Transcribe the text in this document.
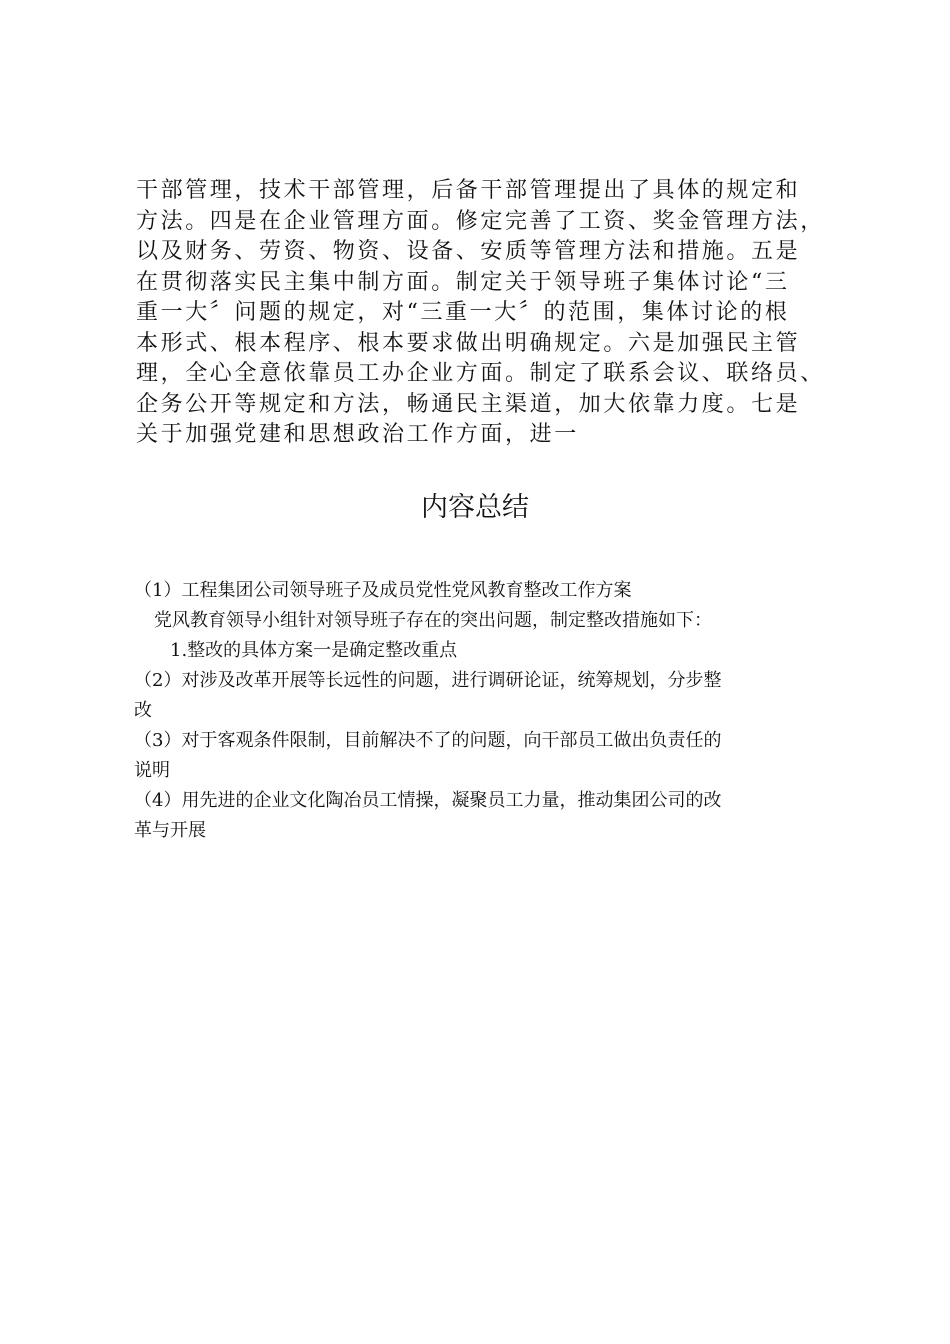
干部管理，技术干部管理，后备干部管理提出了具体的规定和
方法。四是在企业管理方面。修定完善了工资、奖金管理方法，
以及财务、劳资、物资、设备、安质等管理方法和措施。五是
在贯彻落实民主集中制方面。制定关于领导班子集体讨论“三
重一大〞问题的规定，对“三重一大〞的范围，集体讨论的根
本形式、根本程序、根本要求做出明确规定。六是加强民主管
理，全心全意依靠员工办企业方面。制定了联系会议、联络员、
企务公开等规定和方法，畅通民主渠道，加大依靠力度。七是
关于加强党建和思想政治工作方面，进一
内容总结
（1）工程集团公司领导班子及成员党性党风教育整改工作方案
党风教育领导小组针对领导班子存在的突出问题，制定整改措施如下：
1.整改的具体方案一是确定整改重点
（2）对涉及改革开展等长远性的问题，进行调研论证，统筹规划，分步整
改
（3）对于客观条件限制，目前解决不了的问题，向干部员工做出负责任的
说明
（4）用先进的企业文化陶冶员工情操，凝聚员工力量，推动集团公司的改
革与开展
